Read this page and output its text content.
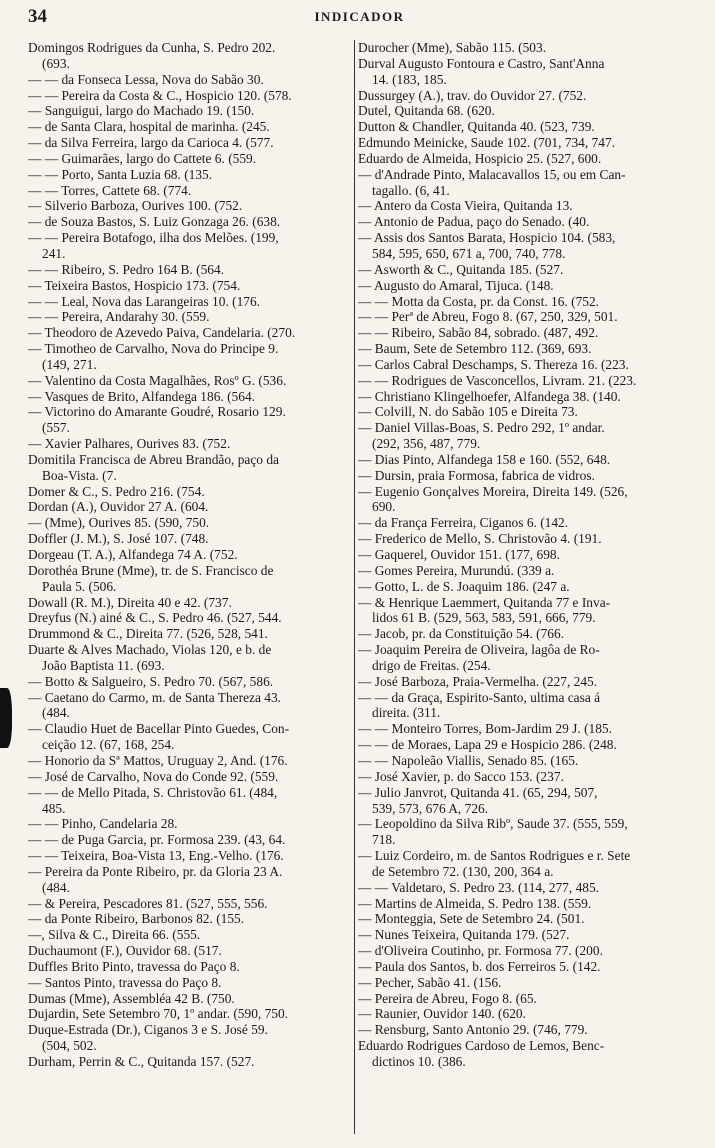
34	INDICADOR

Domingos Rodrigues da Cunha, S. Pedro 202.
(693.

— — da Fonseca Lessa, Nova do Sabão 30.

— — Pereira da Costa & C., Hospicio 120. (578.

— Sanguigui, largo do Machado 19. (150.

— de Santa Clara, hospital de marinha. (245.

— da Silva Ferreira, largo da Carioca 4. (577.

— — Guimarães, largo do Cattete 6. (559.

— — Porto, Santa Luzia 68. (135.

— — Torres, Cattete 68. (774.

— Silverio Barboza, Ourives 100. (752.

— de Souza Bastos, S. Luiz Gonzaga 26. (638.

— — Pereira Botafogo, ilha dos Melões. (199,
241.

— — Ribeiro, S. Pedro 164 B. (564.

— Teixeira Bastos, Hospicio 173. (754.

— — Leal, Nova das Larangeiras 10. (176.

— — Pereira, Andarahy 30. (559.

— Theodoro de Azevedo Paiva, Candelaria. (270.

— Timotheo de Carvalho, Nova do Principe 9.
(149, 271.

— Valentino da Costa Magalhães, Rosº G. (536.

— Vasques de Brito, Alfandega 186. (564.

— Victorino do Amarante Goudré, Rosario 129.
(557.

— Xavier Palhares, Ourives 83. (752.

Domitila Francisca de Abreu Brandão, paço da
Boa-Vista. (7.

Domer & C., S. Pedro 216. (754.

Dordan (A.), Ouvidor 27 A. (604.

— (Mme), Ourives 85. (590, 750.

Doffler (J. M.), S. José 107. (748.

Dorgeau (T. A.), Alfandega 74 A. (752.

Dorothéa Brune (Mme), tr. de S. Francisco de
Paula 5. (506.

Dowall (R. M.), Direita 40 e 42. (737.

Dreyfus (N.) ainé & C., S. Pedro 46. (527, 544.

Drummond & C., Direita 77. (526, 528, 541.

Duarte & Alves Machado, Violas 120, e b. de
João Baptista 11. (693.

— Botto & Salgueiro, S. Pedro 70. (567, 586.

— Caetano do Carmo, m. de Santa Thereza 43.
(484.

— Claudio Huet de Bacellar Pinto Guedes, Con-
ceição 12. (67, 168, 254.

— Honorio da Sª Mattos, Uruguay 2, And. (176.

— José de Carvalho, Nova do Conde 92. (559.

— — de Mello Pitada, S. Christovão 61. (484,
485.

— — Pinho, Candelaria 28.

— — de Puga Garcia, pr. Formosa 239. (43, 64.

— — Teixeira, Boa-Vista 13, Eng.-Velho. (176.

— Pereira da Ponte Ribeiro, pr. da Gloria 23 A.
(484.

— & Pereira, Pescadores 81. (527, 555, 556.

— da Ponte Ribeiro, Barbonos 82. (155.

—, Silva & C., Direita 66. (555.

Duchaumont (F.), Ouvidor 68. (517.

Duffles Brito Pinto, travessa do Paço 8.

— Santos Pinto, travessa do Paço 8.

Dumas (Mme), Assembléa 42 B. (750.

Dujardin, Sete Setembro 70, 1º andar. (590, 750.

Duque-Estrada (Dr.), Ciganos 3 e S. José 59.
(504, 502.

Durham, Perrin & C., Quitanda 157. (527.

Durocher (Mme), Sabão 115. (503.

Durval Augusto Fontoura e Castro, Sant'Anna
14. (183, 185.

Dussurgey (A.), trav. do Ouvidor 27. (752.

Dutel, Quitanda 68. (620.

Dutton & Chandler, Quitanda 40. (523, 739.

Edmundo Meinicke, Saude 102. (701, 734, 747.

Eduardo de Almeida, Hospicio 25. (527, 600.

— d'Andrade Pinto, Malacavallos 15, ou em Can-
tagallo. (6, 41.

— Antero da Costa Vieira, Quitanda 13.

— Antonio de Padua, paço do Senado. (40.

— Assis dos Santos Barata, Hospicio 104. (583,
584, 595, 650, 671 a, 700, 740, 778.

— Asworth & C., Quitanda 185. (527.

— Augusto do Amaral, Tijuca. (148.

— — Motta da Costa, pr. da Const. 16. (752.

— — Perª de Abreu, Fogo 8. (67, 250, 329, 501.

— — Ribeiro, Sabão 84, sobrado. (487, 492.

— Baum, Sete de Setembro 112. (369, 693.

— Carlos Cabral Deschamps, S. Thereza 16. (223.

— — Rodrigues de Vasconcellos, Livram. 21. (223.

— Christiano Klingelhoefer, Alfandega 38. (140.

— Colvill, N. do Sabão 105 e Direita 73.

— Daniel Villas-Boas, S. Pedro 292, 1º andar.
(292, 356, 487, 779.

— Dias Pinto, Alfandega 158 e 160. (552, 648.

— Dursin, praia Formosa, fabrica de vidros.

— Eugenio Gonçalves Moreira, Direita 149. (526,
690.

— da França Ferreira, Ciganos 6. (142.

— Frederico de Mello, S. Christovão 4. (191.

— Gaquerel, Ouvidor 151. (177, 698.

— Gomes Pereira, Murundú. (339 a.

— Gotto, L. de S. Joaquim 186. (247 a.

— & Henrique Laemmert, Quitanda 77 e Inva-
lidos 61 B. (529, 563, 583, 591, 666, 779.

— Jacob, pr. da Constituição 54. (766.

— Joaquim Pereira de Oliveira, lagôa de Ro-
drigo de Freitas. (254.

— José Barboza, Praia-Vermelha. (227, 245.

— — da Graça, Espirito-Santo, ultima casa á
direita. (311.

— — Monteiro Torres, Bom-Jardim 29 J. (185.

— — de Moraes, Lapa 29 e Hospicio 286. (248.

— — Napoleão Viallis, Senado 85. (165.

— José Xavier, p. do Sacco 153. (237.

— Julio Janvrot, Quitanda 41. (65, 294, 507,
539, 573, 676 A, 726.

— Leopoldino da Silva Ribº, Saude 37. (555, 559,
718.

— Luiz Cordeiro, m. de Santos Rodrigues e r. Sete
de Setembro 72. (130, 200, 364 a.

— — Valdetaro, S. Pedro 23. (114, 277, 485.

— Martins de Almeida, S. Pedro 138. (559.

— Monteggia, Sete de Setembro 24. (501.

— Nunes Teixeira, Quitanda 179. (527.

— d'Oliveira Coutinho, pr. Formosa 77. (200.

— Paula dos Santos, b. dos Ferreiros 5. (142.

— Pecher, Sabão 41. (156.

— Pereira de Abreu, Fogo 8. (65.

— Raunier, Ouvidor 140. (620.

— Rensburg, Santo Antonio 29. (746, 779.

Eduardo Rodrigues Cardoso de Lemos, Benc-
dictinos 10. (386.
